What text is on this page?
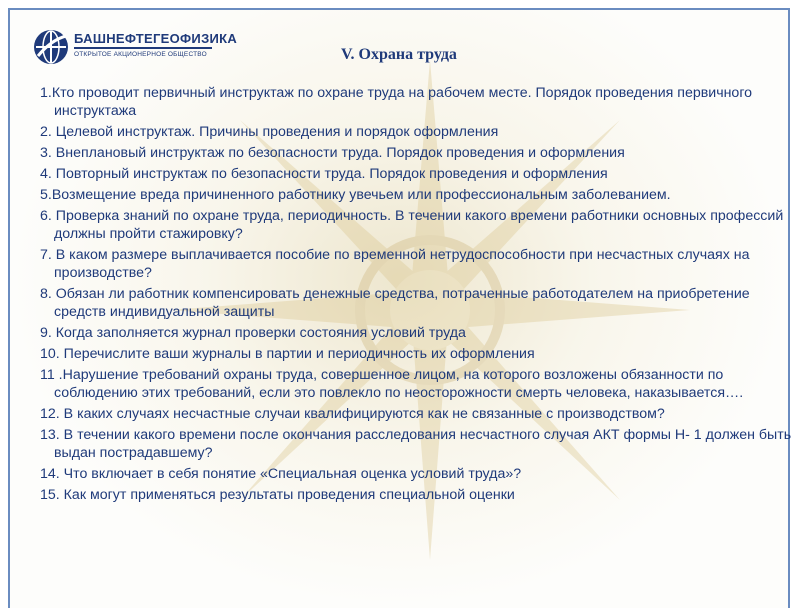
БАШНЕФТЕГЕОФИЗИКА
ОТКРЫТОЕ АКЦИОНЕРНОЕ ОБЩЕСТВО	V. Охрана труда
1.Кто проводит первичный инструктаж по охране труда на рабочем месте. Порядок проведения первичного инструктажа
2. Целевой инструктаж. Причины проведения и порядок оформления
3. Внеплановый инструктаж по безопасности труда. Порядок проведения и оформления
4. Повторный инструктаж по безопасности труда. Порядок проведения и оформления
5.Возмещение вреда причиненного работнику увечьем или профессиональным заболеванием.
6. Проверка знаний по охране труда, периодичность. В течении какого времени работники основных профессий должны пройти стажировку?
7. В каком размере выплачивается пособие по временной нетрудоспособности при несчастных случаях на производстве?
8. Обязан ли работник компенсировать денежные средства, потраченные работодателем на приобретение средств индивидуальной защиты
9. Когда заполняется журнал проверки состояния условий труда
10. Перечислите ваши журналы в партии и периодичность их оформления
11 .Нарушение требований охраны труда, совершенное лицом, на которого возложены обязанности по соблюдению этих требований, если это повлекло по неосторожности смерть человека, наказывается….
12. В каких случаях несчастные случаи квалифицируются как не связанные с производством?
13. В течении какого времени после окончания расследования несчастного случая АКТ формы Н- 1 должен быть выдан пострадавшему?
14. Что включает в себя понятие «Специальная оценка условий труда»?
15. Как могут применяться результаты проведения специальной оценки
